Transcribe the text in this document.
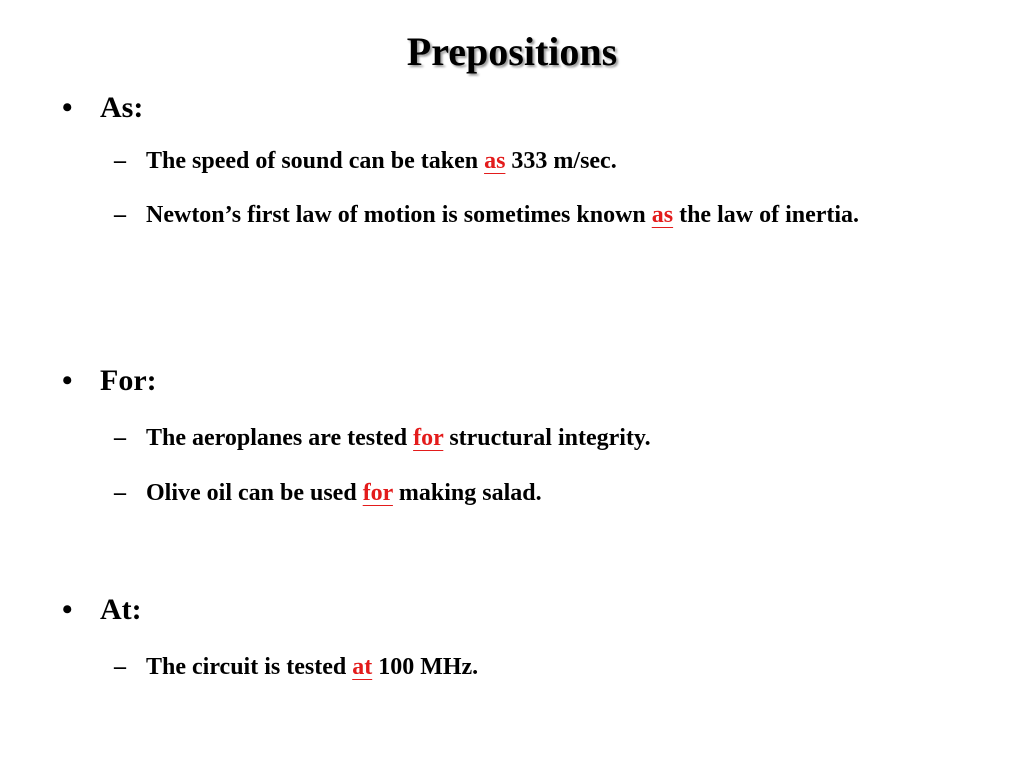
Prepositions
• As:
– The speed of sound can be taken as 333 m/sec.
– Newton’s first law of motion is sometimes known as the law of inertia.
• For:
– The aeroplanes are tested for structural integrity.
– Olive oil can be used for making salad.
• At:
– The circuit is tested at 100 MHz.
